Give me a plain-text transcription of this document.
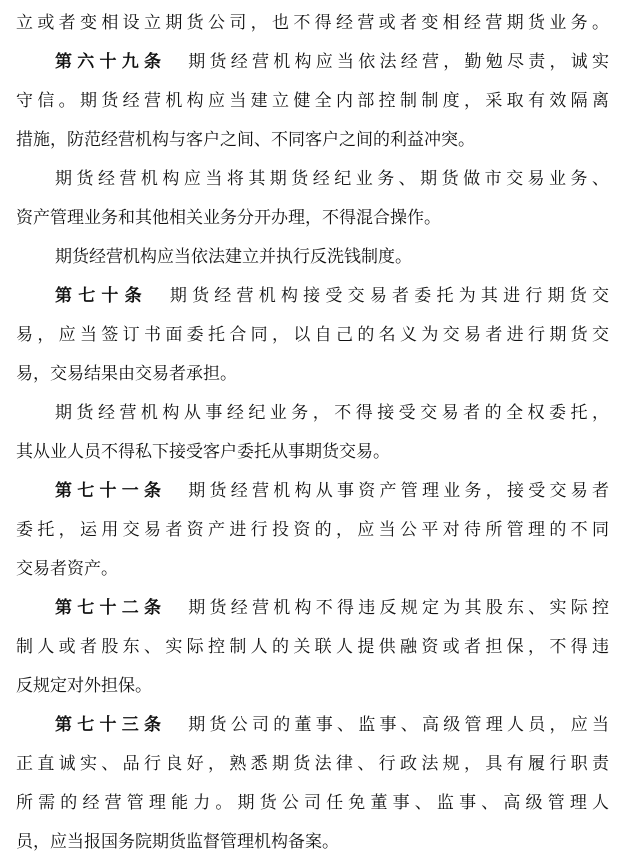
立或者变相设立期货公司，也不得经营或者变相经营期货业务。
第六十九条 期货经营机构应当依法经营，勤勉尽责，诚实
守信。期货经营机构应当建立健全内部控制制度，采取有效隔离
措施，防范经营机构与客户之间、不同客户之间的利益冲突。
期货经营机构应当将其期货经纪业务、期货做市交易业务、
资产管理业务和其他相关业务分开办理，不得混合操作。
期货经营机构应当依法建立并执行反洗钱制度。
第七十条 期货经营机构接受交易者委托为其进行期货交
易，应当签订书面委托合同，以自己的名义为交易者进行期货交
易，交易结果由交易者承担。
期货经营机构从事经纪业务，不得接受交易者的全权委托，
其从业人员不得私下接受客户委托从事期货交易。
第七十一条 期货经营机构从事资产管理业务，接受交易者
委托，运用交易者资产进行投资的，应当公平对待所管理的不同
交易者资产。
第七十二条 期货经营机构不得违反规定为其股东、实际控
制人或者股东、实际控制人的关联人提供融资或者担保，不得违
反规定对外担保。
第七十三条 期货公司的董事、监事、高级管理人员，应当
正直诚实、品行良好，熟悉期货法律、行政法规，具有履行职责
所需的经营管理能力。期货公司任免董事、监事、高级管理人
员，应当报国务院期货监督管理机构备案。
